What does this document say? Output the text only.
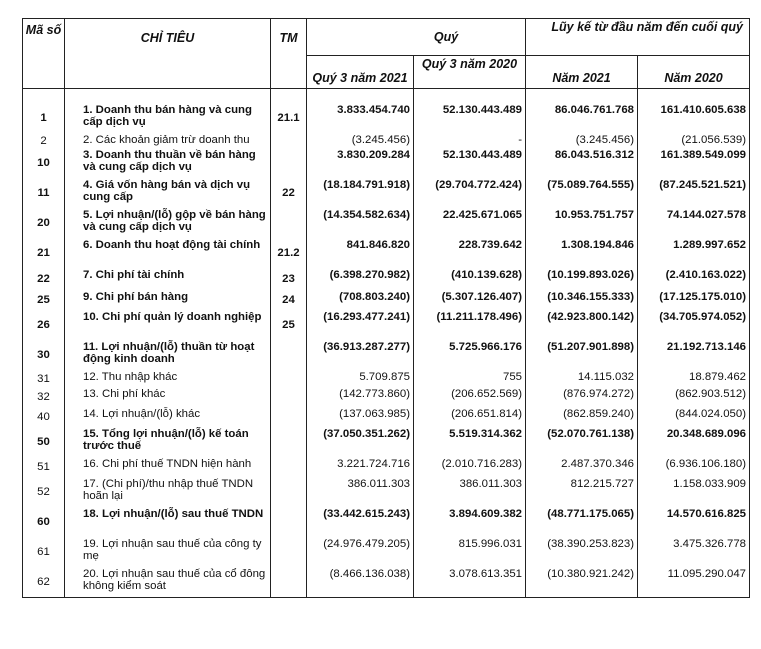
Mã số	CHỈ TIÊU	TM	Quý		Lũy kế từ đầu năm đến cuối quý	
			Quý 3 năm 2021	Quý 3 năm 2020	Năm 2021	Năm 2020

1	1. Doanh thu bán hàng và cung cấp dịch vụ	21.1	3.833.454.740	52.130.443.489	86.046.761.768	161.410.605.638
2	2. Các khoản giảm trừ doanh thu		(3.245.456)	-	(3.245.456)	(21.056.539)
10	3. Doanh thu thuần về bán hàng và cung cấp dịch vụ		3.830.209.284	52.130.443.489	86.043.516.312	161.389.549.099
11	4. Giá vốn hàng bán và dịch vụ cung cấp	22	(18.184.791.918)	(29.704.772.424)	(75.089.764.555)	(87.245.521.521)
20	5. Lợi nhuận/(lỗ) gộp về bán hàng và cung cấp dịch vụ		(14.354.582.634)	22.425.671.065	10.953.751.757	74.144.027.578
21	6. Doanh thu hoạt động tài chính	21.2	841.846.820	228.739.642	1.308.194.846	1.289.997.652
22	7. Chi phí tài chính	23	(6.398.270.982)	(410.139.628)	(10.199.893.026)	(2.410.163.022)
25	9. Chi phí bán hàng	24	(708.803.240)	(5.307.126.407)	(10.346.155.333)	(17.125.175.010)
26	10. Chi phí quản lý doanh nghiệp	25	(16.293.477.241)	(11.211.178.496)	(42.923.800.142)	(34.705.974.052)
30	11. Lợi nhuận/(lỗ) thuần từ hoạt động kinh doanh		(36.913.287.277)	5.725.966.176	(51.207.901.898)	21.192.713.146
31	12. Thu nhập khác		5.709.875	755	14.115.032	18.879.462
32	13. Chi phí khác		(142.773.860)	(206.652.569)	(876.974.272)	(862.903.512)
40	14. Lợi nhuận/(lỗ) khác		(137.063.985)	(206.651.814)	(862.859.240)	(844.024.050)
50	15. Tổng lợi nhuận/(lỗ) kế toán trước thuế		(37.050.351.262)	5.519.314.362	(52.070.761.138)	20.348.689.096
51	16. Chi phí thuế TNDN hiện hành		3.221.724.716	(2.010.716.283)	2.487.370.346	(6.936.106.180)
52	17. (Chi phí)/thu nhập thuế TNDN hoãn lại		386.011.303	386.011.303	812.215.727	1.158.033.909
60	18. Lợi nhuận/(lỗ) sau thuế TNDN		(33.442.615.243)	3.894.609.382	(48.771.175.065)	14.570.616.825
61	19. Lợi nhuận sau thuế của công ty mẹ		(24.976.479.205)	815.996.031	(38.390.253.823)	3.475.326.778
62	20. Lợi nhuận sau thuế của cổ đông không kiểm soát		(8.466.136.038)	3.078.613.351	(10.380.921.242)	11.095.290.047
